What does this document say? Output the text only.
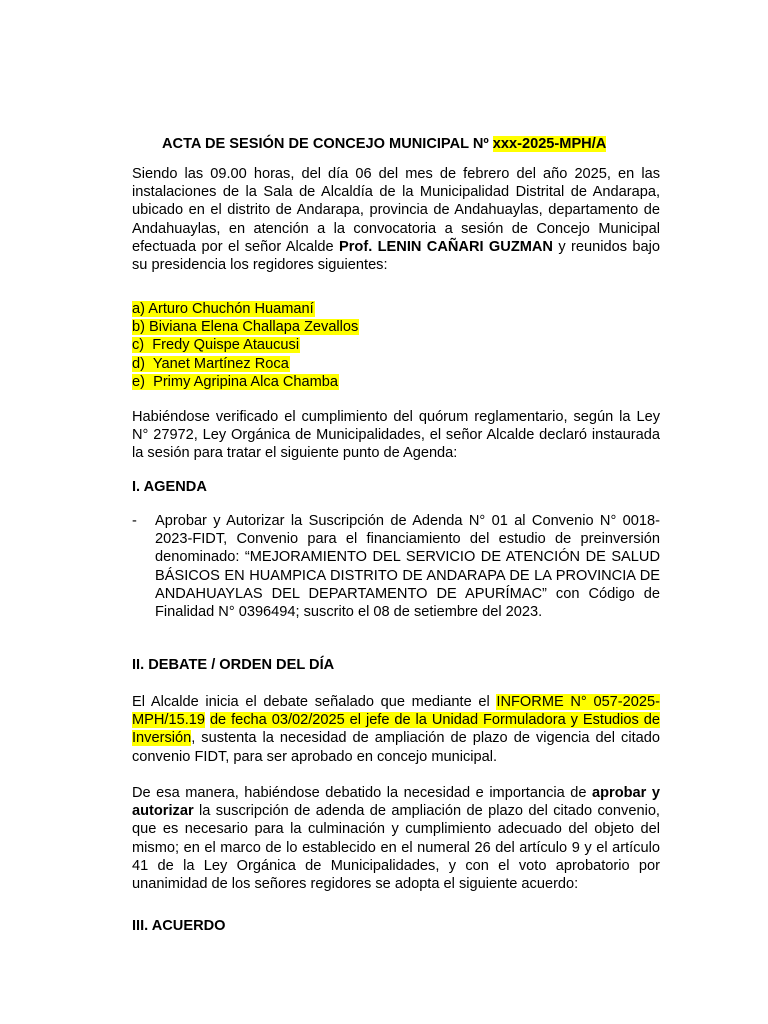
ACTA DE SESIÓN DE CONCEJO MUNICIPAL Nº xxx-2025-MPH/A
Siendo las 09.00 horas, del día 06 del mes de febrero del año 2025, en las instalaciones de la Sala de Alcaldía de la Municipalidad Distrital de Andarapa, ubicado en el distrito de Andarapa, provincia de Andahuaylas, departamento de Andahuaylas, en atención a la convocatoria a sesión de Concejo Municipal efectuada por el señor Alcalde Prof. LENIN CAÑARI GUZMAN y reunidos bajo su presidencia los regidores siguientes:
a) Arturo Chuchón Huamaní
b) Biviana Elena Challapa Zevallos
c)  Fredy Quispe Ataucusi
d)  Yanet Martínez Roca
e)  Primy Agripina Alca Chamba
Habiéndose verificado el cumplimiento del quórum reglamentario, según la Ley N° 27972, Ley Orgánica de Municipalidades, el señor Alcalde declaró instaurada la sesión para tratar el siguiente punto de Agenda:
I. AGENDA
- Aprobar y Autorizar la Suscripción de Adenda N° 01 al Convenio N° 0018-2023-FIDT, Convenio para el financiamiento del estudio de preinversión denominado: “MEJORAMIENTO DEL SERVICIO DE ATENCIÓN DE SALUD BÁSICOS EN HUAMPICA DISTRITO DE ANDARAPA DE LA PROVINCIA DE ANDAHUAYLAS DEL DEPARTAMENTO DE APURÍMAC” con Código de Finalidad N° 0396494; suscrito el 08 de setiembre del 2023.
II. DEBATE / ORDEN DEL DÍA
El Alcalde inicia el debate señalado que mediante el INFORME N° 057-2025-MPH/15.19 de fecha 03/02/2025 el jefe de la Unidad Formuladora y Estudios de Inversión, sustenta la necesidad de ampliación de plazo de vigencia del citado convenio FIDT, para ser aprobado en concejo municipal.
De esa manera, habiéndose debatido la necesidad e importancia de aprobar y autorizar la suscripción de adenda de ampliación de plazo del citado convenio, que es necesario para la culminación y cumplimiento adecuado del objeto del mismo; en el marco de lo establecido en el numeral 26 del artículo 9 y el artículo 41 de la Ley Orgánica de Municipalidades, y con el voto aprobatorio por unanimidad de los señores regidores se adopta el siguiente acuerdo:
III. ACUERDO
